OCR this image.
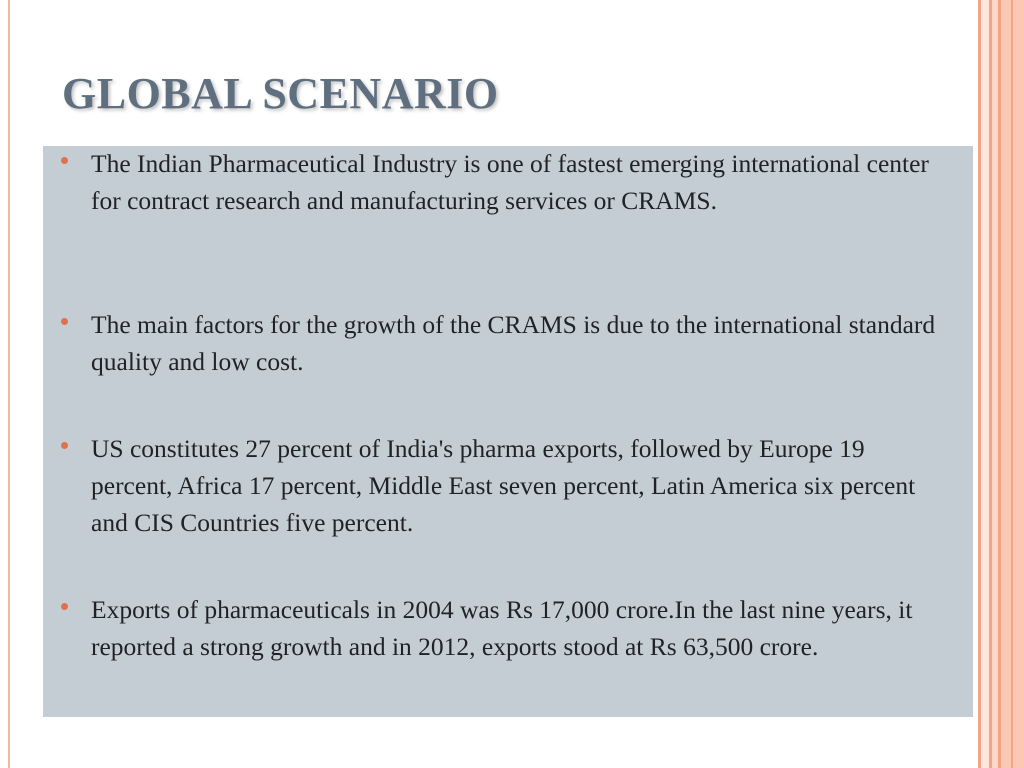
GLOBAL SCENARIO
The Indian Pharmaceutical Industry is one of fastest emerging international center for contract research and manufacturing services or CRAMS.
The main factors for the growth of the CRAMS is due to the international standard quality and low cost.
US constitutes 27 percent of India's pharma exports, followed by Europe 19 percent, Africa 17 percent, Middle East seven percent, Latin America six percent and CIS Countries five percent.
Exports of pharmaceuticals in 2004 was Rs 17,000 crore.In the last nine years, it reported a strong growth and in 2012, exports stood at Rs 63,500 crore.
